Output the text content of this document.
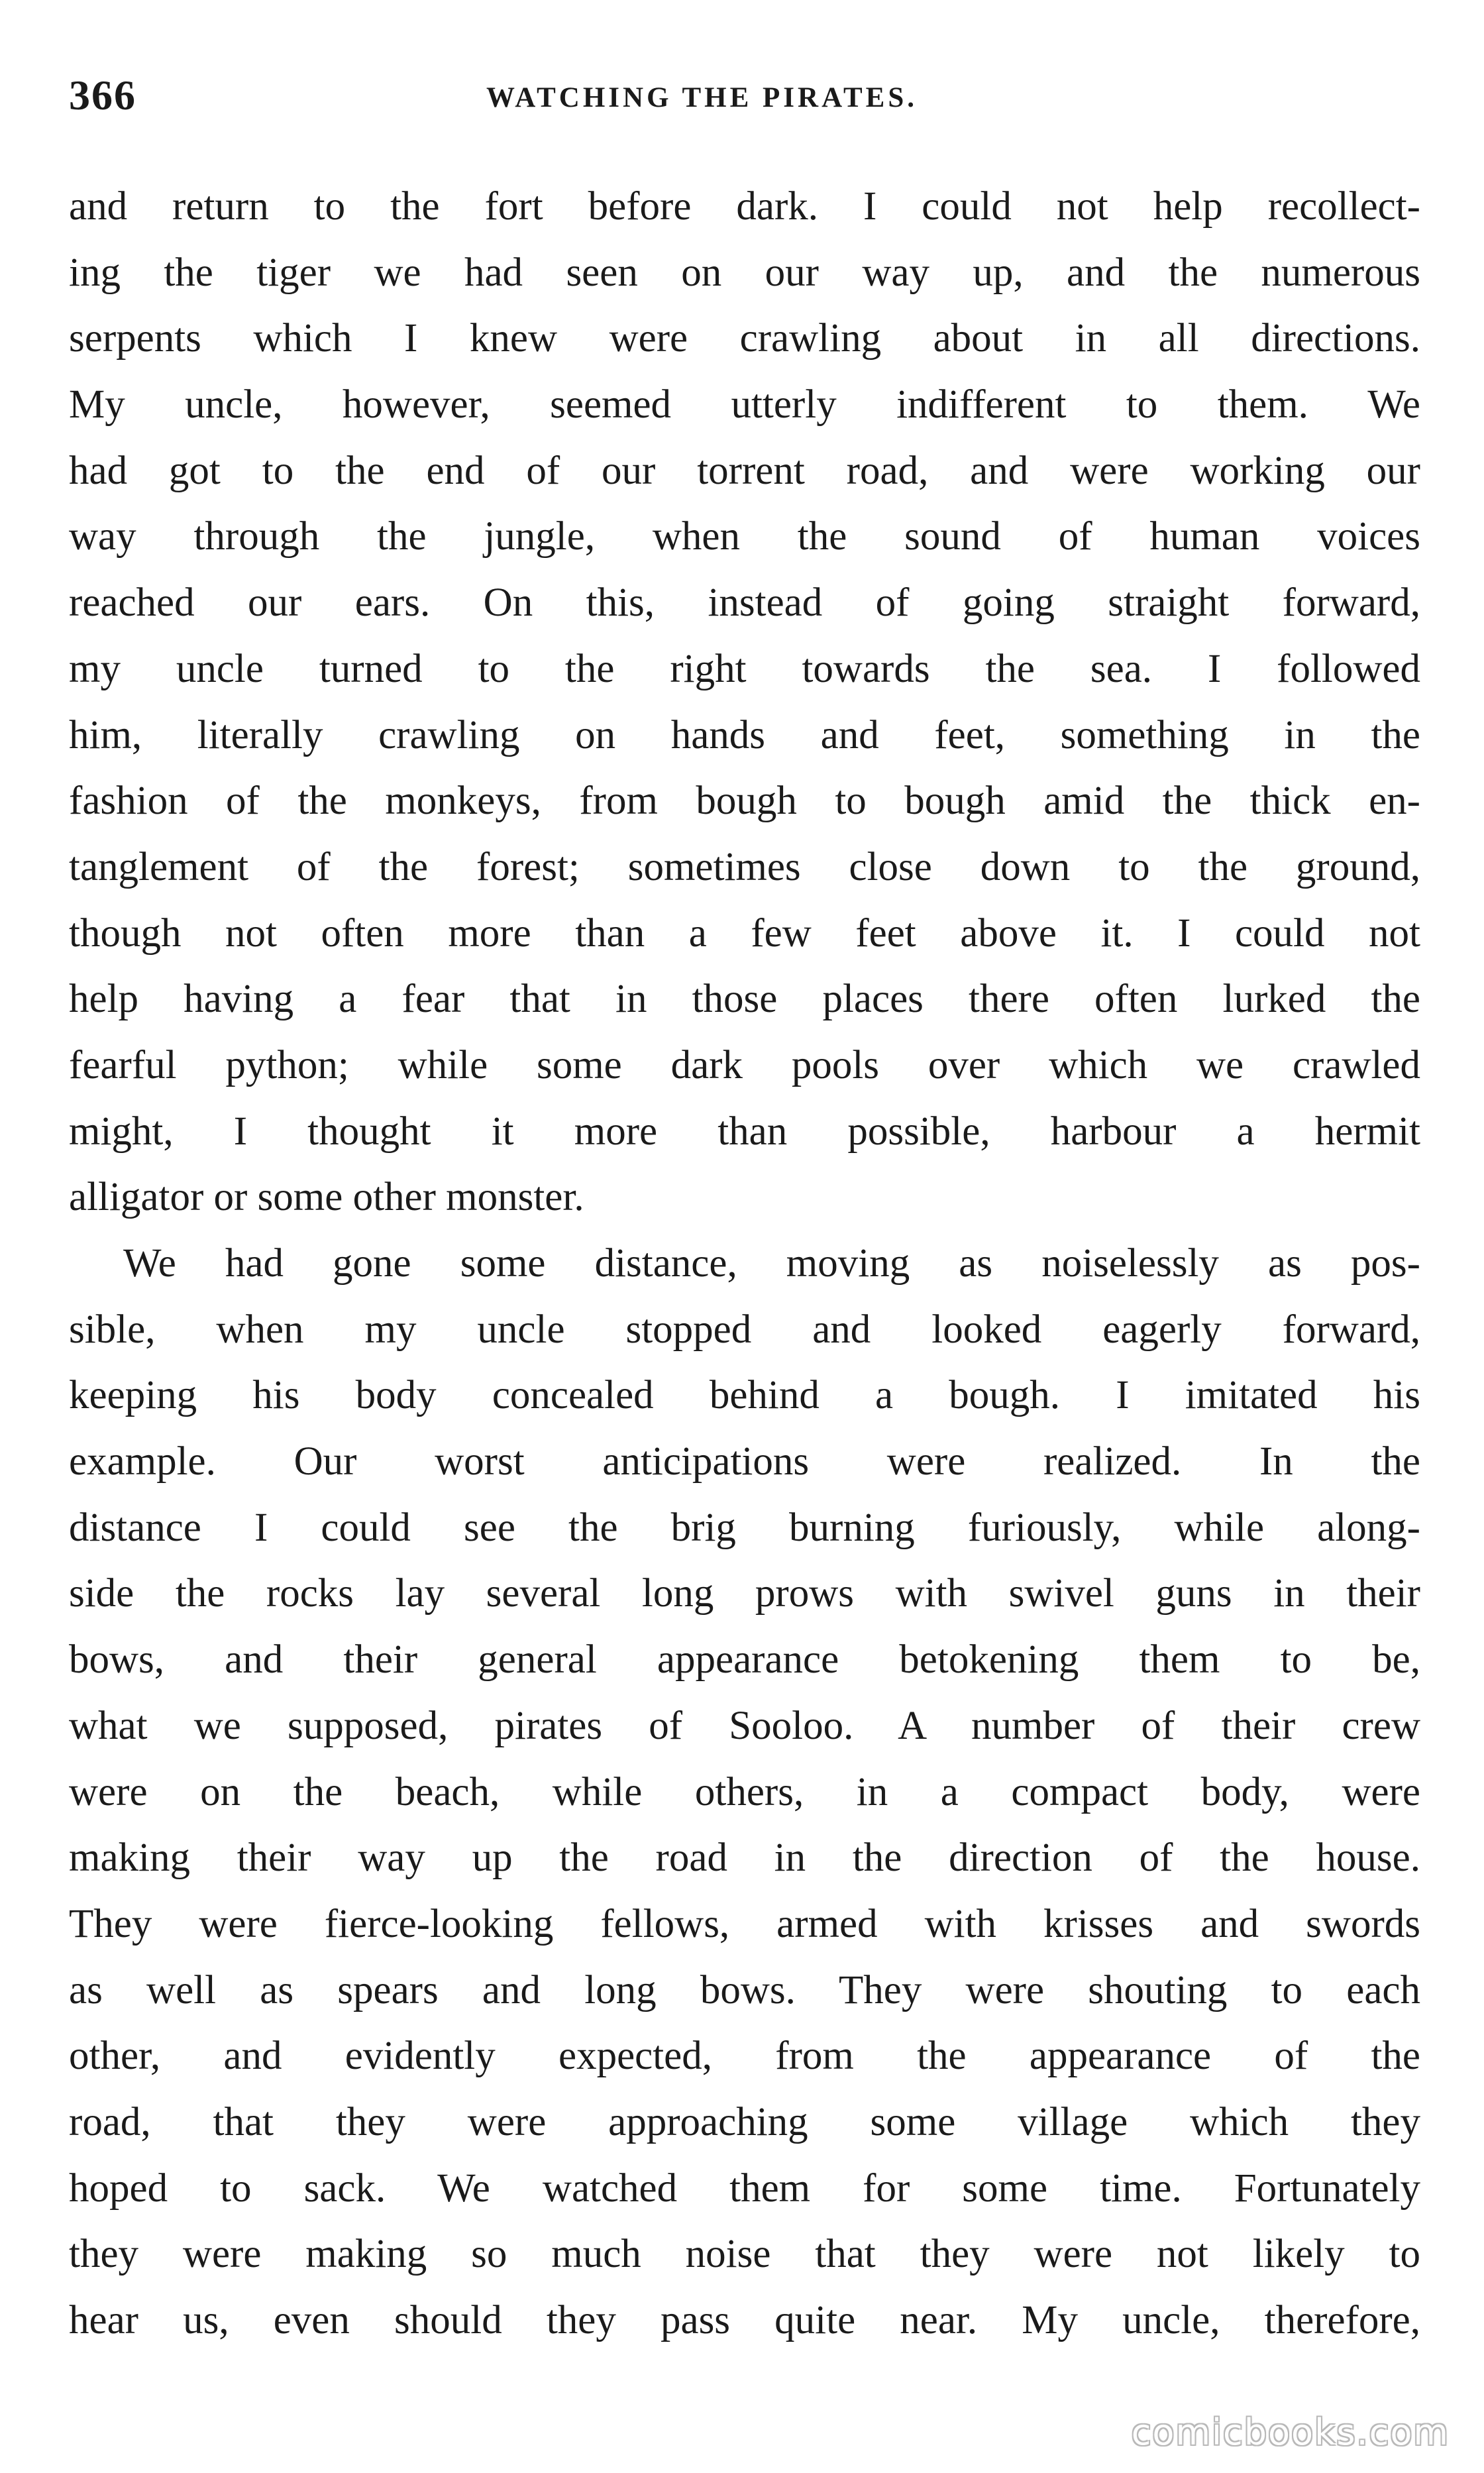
366	WATCHING THE PIRATES.
and return to the fort before dark. I could not help recollect-
ing the tiger we had seen on our way up, and the numerous
serpents which I knew were crawling about in all directions.
My uncle, however, seemed utterly indifferent to them. We
had got to the end of our torrent road, and were working our
way through the jungle, when the sound of human voices
reached our ears. On this, instead of going straight forward,
my uncle turned to the right towards the sea. I followed
him, literally crawling on hands and feet, something in the
fashion of the monkeys, from bough to bough amid the thick en-
tanglement of the forest; sometimes close down to the ground,
though not often more than a few feet above it. I could not
help having a fear that in those places there often lurked the
fearful python; while some dark pools over which we crawled
might, I thought it more than possible, harbour a hermit
alligator or some other monster.
We had gone some distance, moving as noiselessly as pos-
sible, when my uncle stopped and looked eagerly forward,
keeping his body concealed behind a bough. I imitated his
example. Our worst anticipations were realized. In the
distance I could see the brig burning furiously, while along-
side the rocks lay several long prows with swivel guns in their
bows, and their general appearance betokening them to be,
what we supposed, pirates of Sooloo. A number of their crew
were on the beach, while others, in a compact body, were
making their way up the road in the direction of the house.
They were fierce-looking fellows, armed with krisses and swords
as well as spears and long bows. They were shouting to each
other, and evidently expected, from the appearance of the
road, that they were approaching some village which they
hoped to sack. We watched them for some time. Fortunately
they were making so much noise that they were not likely to
hear us, even should they pass quite near. My uncle, therefore,
comicbooks.com
